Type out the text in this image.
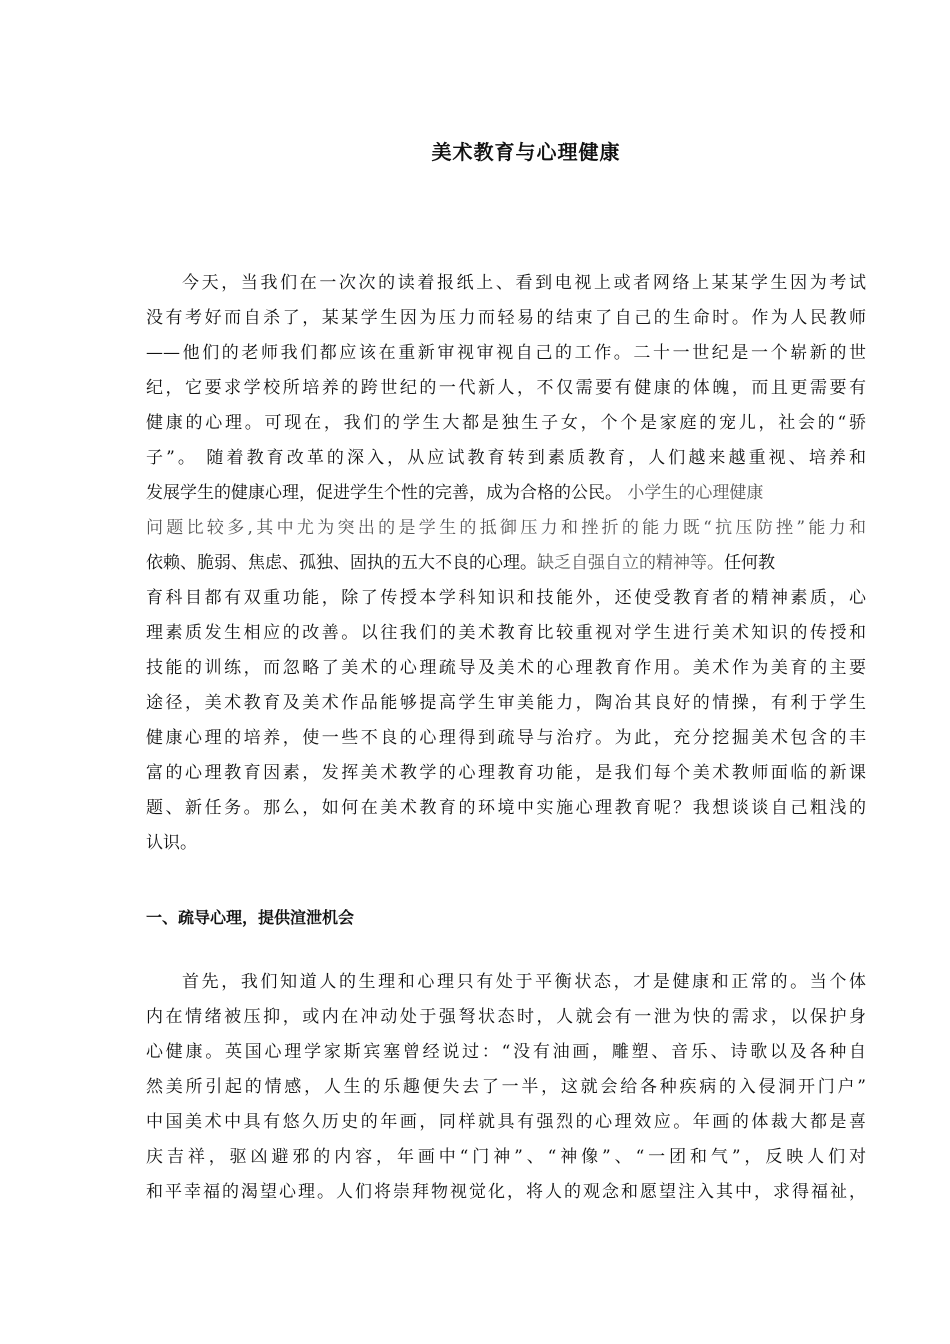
美术教育与心理健康
今天，当我们在一次次的读着报纸上、看到电视上或者网络上某某学生因为考试
没有考好而自杀了，某某学生因为压力而轻易的结束了自己的生命时。作为人民教师
——他们的老师我们都应该在重新审视审视自己的工作。二十一世纪是一个崭新的世
纪，它要求学校所培养的跨世纪的一代新人，不仅需要有健康的体魄，而且更需要有
健康的心理。可现在，我们的学生大都是独生子女，个个是家庭的宠儿，社会的“骄
子”。 随着教育改革的深入，从应试教育转到素质教育，人们越来越重视、培养和
发展学生的健康心理，促进学生个性的完善，成为合格的公民。 小学生的心理健康
问题比较多,其中尤为突出的是学生的抵御压力和挫折的能力既“抗压防挫”能力和
依赖、脆弱、焦虑、孤独、固执的五大不良的心理。缺乏自强自立的精神等。任何教
育科目都有双重功能，除了传授本学科知识和技能外，还使受教育者的精神素质，心
理素质发生相应的改善。以往我们的美术教育比较重视对学生进行美术知识的传授和
技能的训练，而忽略了美术的心理疏导及美术的心理教育作用。美术作为美育的主要
途径，美术教育及美术作品能够提高学生审美能力，陶冶其良好的情操，有利于学生
健康心理的培养，使一些不良的心理得到疏导与治疗。为此，充分挖掘美术包含的丰
富的心理教育因素，发挥美术教学的心理教育功能，是我们每个美术教师面临的新课
题、新任务。那么，如何在美术教育的环境中实施心理教育呢？我想谈谈自己粗浅的
认识。
一、疏导心理，提供渲泄机会
首先，我们知道人的生理和心理只有处于平衡状态，才是健康和正常的。当个体
内在情绪被压抑，或内在冲动处于强弩状态时，人就会有一泄为快的需求，以保护身
心健康。英国心理学家斯宾塞曾经说过：“没有油画，雕塑、音乐、诗歌以及各种自
然美所引起的情感，人生的乐趣便失去了一半，这就会给各种疾病的入侵洞开门户”
中国美术中具有悠久历史的年画，同样就具有强烈的心理效应。年画的体裁大都是喜
庆吉祥，驱凶避邪的内容，年画中“门神”、“神像”、“一团和气”，反映人们对
和平幸福的渴望心理。人们将崇拜物视觉化，将人的观念和愿望注入其中，求得福祉，
